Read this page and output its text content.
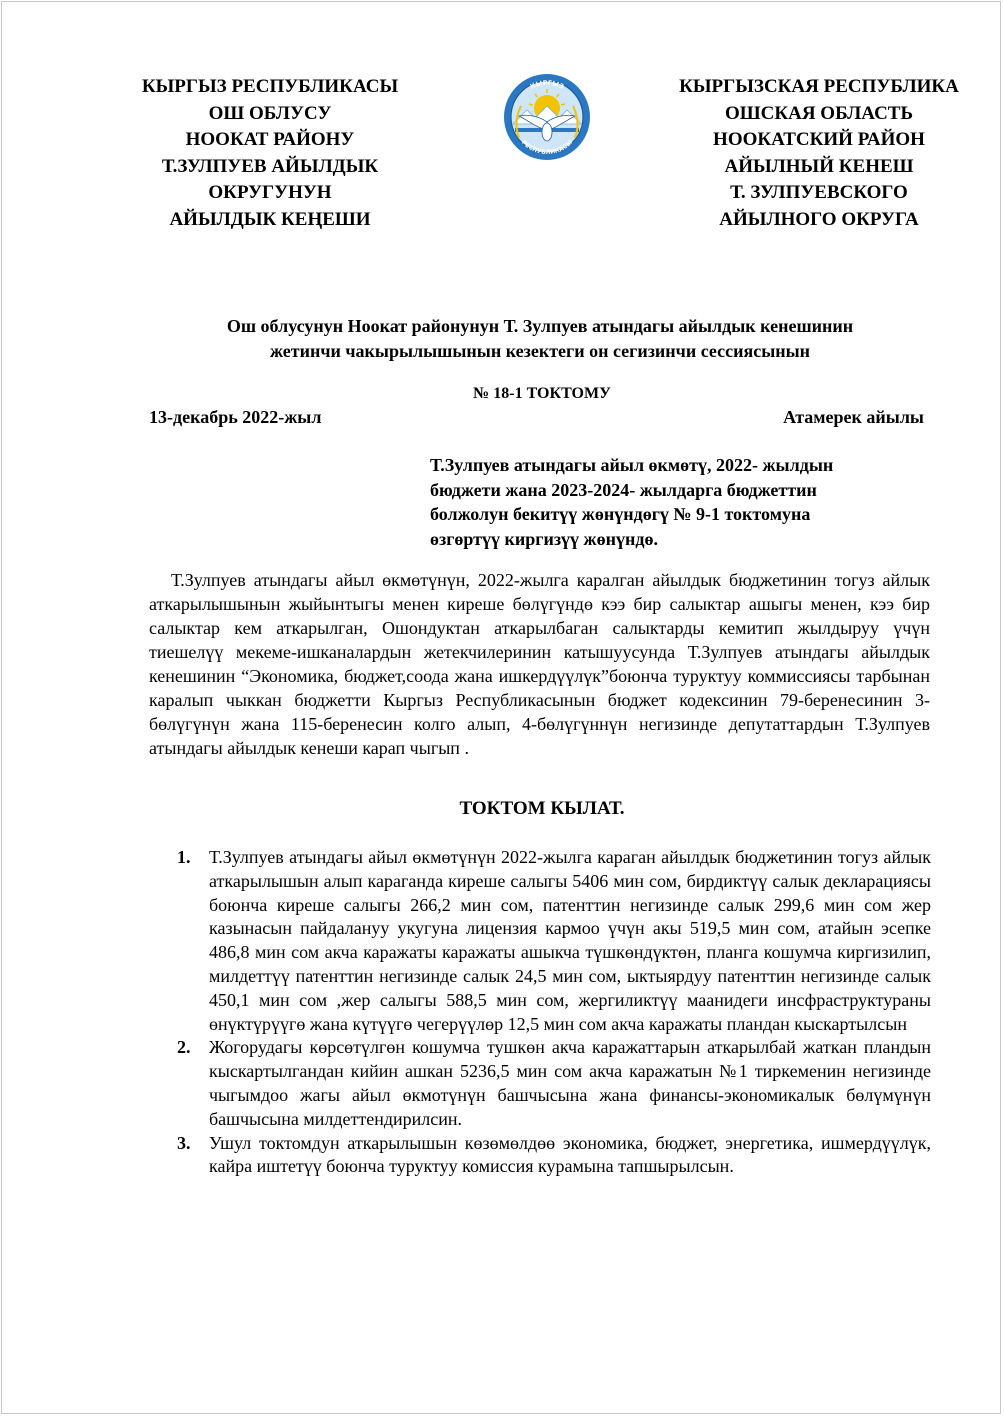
КЫРГЫЗ РЕСПУБЛИКАСЫ
ОШ ОБЛУСУ
НООКАТ РАЙОНУ
Т.ЗУЛПУЕВ АЙЫЛДЫК
ОКРУГУНУН
АЙЫЛДЫК КЕҢЕШИ
КЫРГЫЗ
РЕСПУБЛИКАСЫ
КЫРГЫЗСКАЯ РЕСПУБЛИКА
ОШСКАЯ ОБЛАСТЬ
НООКАТСКИЙ РАЙОН
АЙЫЛНЫЙ КЕНЕШ
Т. ЗУЛПУЕВСКОГО
АЙЫЛНОГО ОКРУГА
Ош облусунун Ноокат районунун Т. Зулпуев атындагы айылдык кенешинин
жетинчи чакырылышынын кезектеги он сегизинчи сессиясынын
№ 18-1 ТОКТОМУ
13-декабрь 2022-жыл	Атамерек айылы
Т.Зулпуев атындагы айыл өкмөтү, 2022- жылдын
бюджети жана 2023-2024- жылдарга бюджеттин
болжолун бекитүү жөнүндөгү № 9-1 токтомуна
өзгөртүү киргизүү жөнүндө.
Т.Зулпуев атындагы айыл өкмөтүнүн, 2022-жылга каралган айылдык бюджетинин тогуз айлык аткарылышынын жыйынтыгы менен киреше бөлүгүндө кээ бир салыктар ашыгы менен, кээ бир салыктар кем аткарылган, Ошондуктан аткарылбаган салыктарды кемитип жылдыруу үчүн тиешелүү мекеме-ишканалардын жетекчилеринин катышуусунда Т.Зулпуев атындагы айылдык кенешинин “Экономика, бюджет,соода жана ишкердүүлүк”боюнча туруктуу коммиссиясы тарбынан каралып чыккан бюджетти Кыргыз Республикасынын бюджет кодексинин 79-беренесинин 3-бөлүгүнүн жана 115-беренесин колго алып, 4-бөлүгүннүн негизинде депутаттардын Т.Зулпуев атындагы айылдык кенеши карап чыгып .
ТОКТОМ КЫЛАТ.
1. Т.Зулпуев атындагы айыл өкмөтүнүн 2022-жылга караган айылдык бюджетинин тогуз айлык аткарылышын алып караганда киреше салыгы 5406 мин сом, бирдиктүү салык декларациясы боюнча киреше салыгы 266,2 мин сом, патенттин негизинде салык 299,6 мин сом жер казынасын пайдалануу укугуна лицензия кармоо үчүн акы 519,5 мин сом, атайын эсепке 486,8 мин сом акча каражаты каражаты ашыкча түшкөндүктөн, планга кошумча киргизилип, милдеттүү патенттин негизинде салык 24,5 мин сом, ыктыярдуу патенттин негизинде салык 450,1 мин сом ,жер салыгы 588,5 мин сом, жергиликтүү маанидеги инсфраструктураны өнүктүрүүгө жана күтүүгө чегерүүлөр 12,5 мин сом акча каражаты пландан кыскартылсын
2. Жогорудагы көрсөтүлгөн кошумча тушкөн акча каражаттарын аткарылбай жаткан пландын кыскартылгандан кийин ашкан 5236,5 мин сом акча каражатын №1 тиркеменин негизинде чыгымдоо жагы айыл өкмотүнүн башчысына жана финансы-экономикалык бөлүмүнүн башчысына милдеттендирилсин.
3. Ушул токтомдун аткарылышын көзөмөлдөө экономика, бюджет, энергетика, ишмердүүлүк, кайра иштетүү боюнча туруктуу комиссия курамына тапшырылсын.
